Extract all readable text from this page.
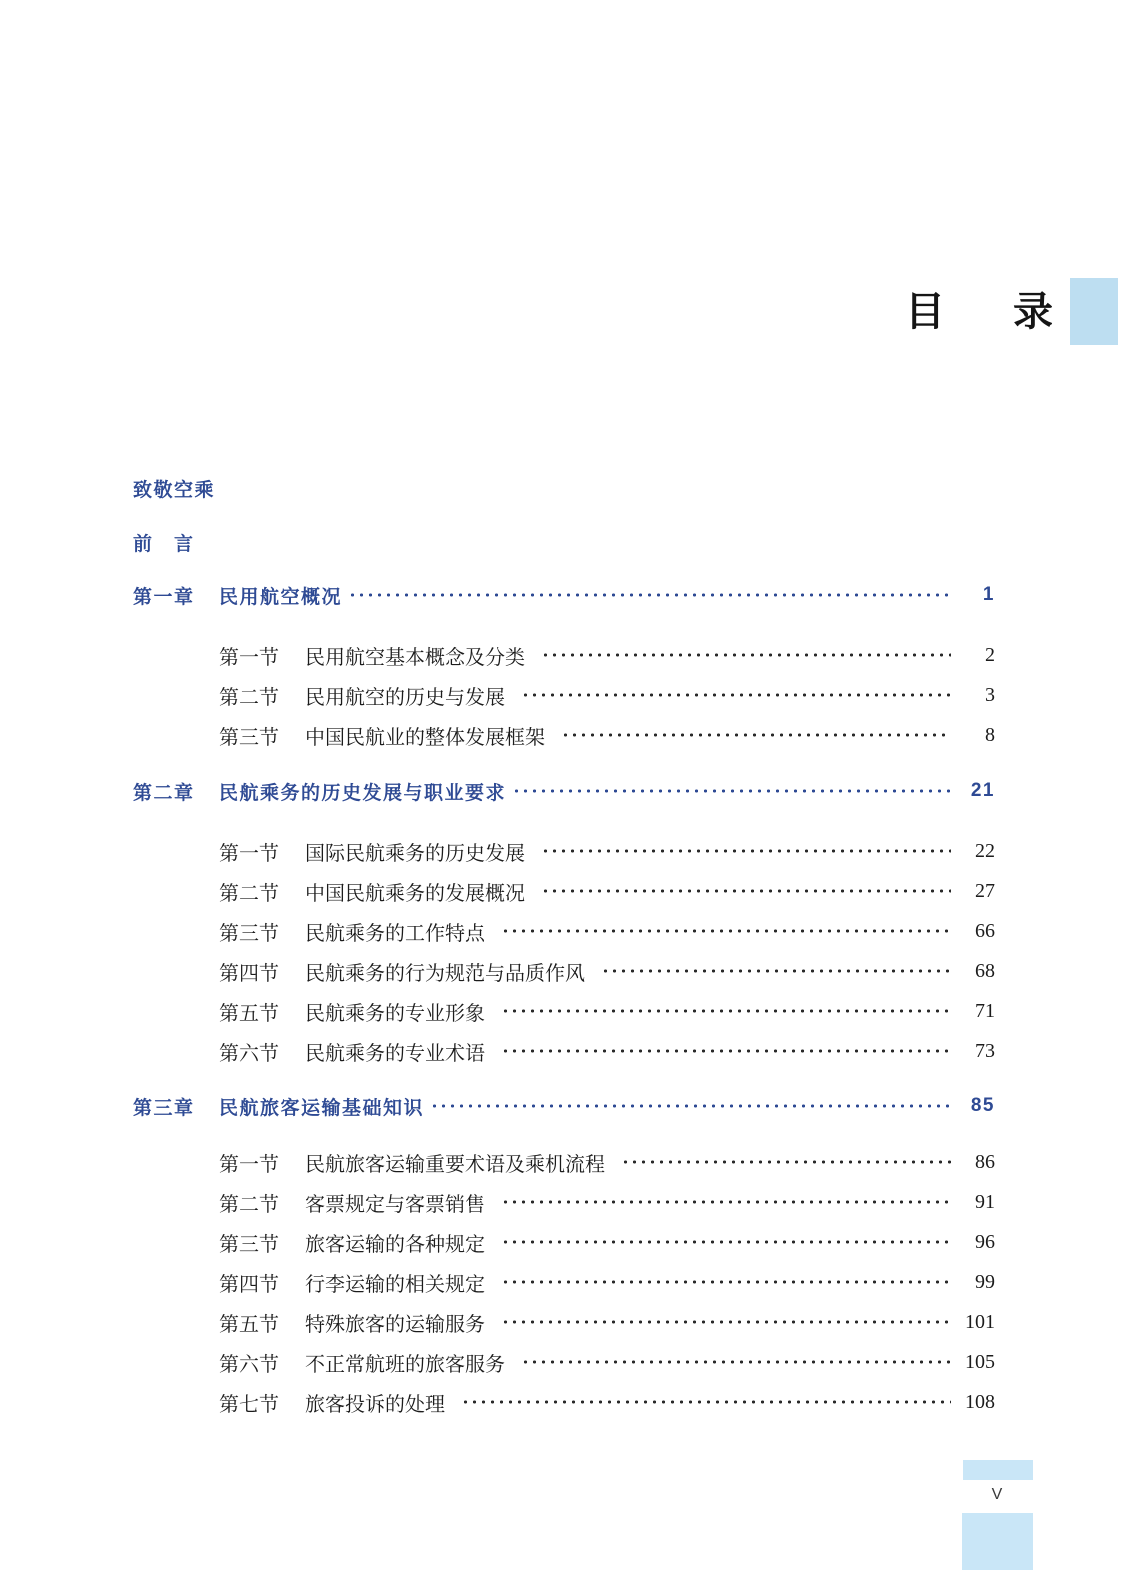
目　录
致敬空乘
前　言
第一章	民用航空概况	1
第一节	民用航空基本概念及分类	2
第二节	民用航空的历史与发展	3
第三节	中国民航业的整体发展框架	8
第二章	民航乘务的历史发展与职业要求	21
第一节	国际民航乘务的历史发展	22
第二节	中国民航乘务的发展概况	27
第三节	民航乘务的工作特点	66
第四节	民航乘务的行为规范与品质作风	68
第五节	民航乘务的专业形象	71
第六节	民航乘务的专业术语	73
第三章	民航旅客运输基础知识	85
第一节	民航旅客运输重要术语及乘机流程	86
第二节	客票规定与客票销售	91
第三节	旅客运输的各种规定	96
第四节	行李运输的相关规定	99
第五节	特殊旅客的运输服务	101
第六节	不正常航班的旅客服务	105
第七节	旅客投诉的处理	108
V
